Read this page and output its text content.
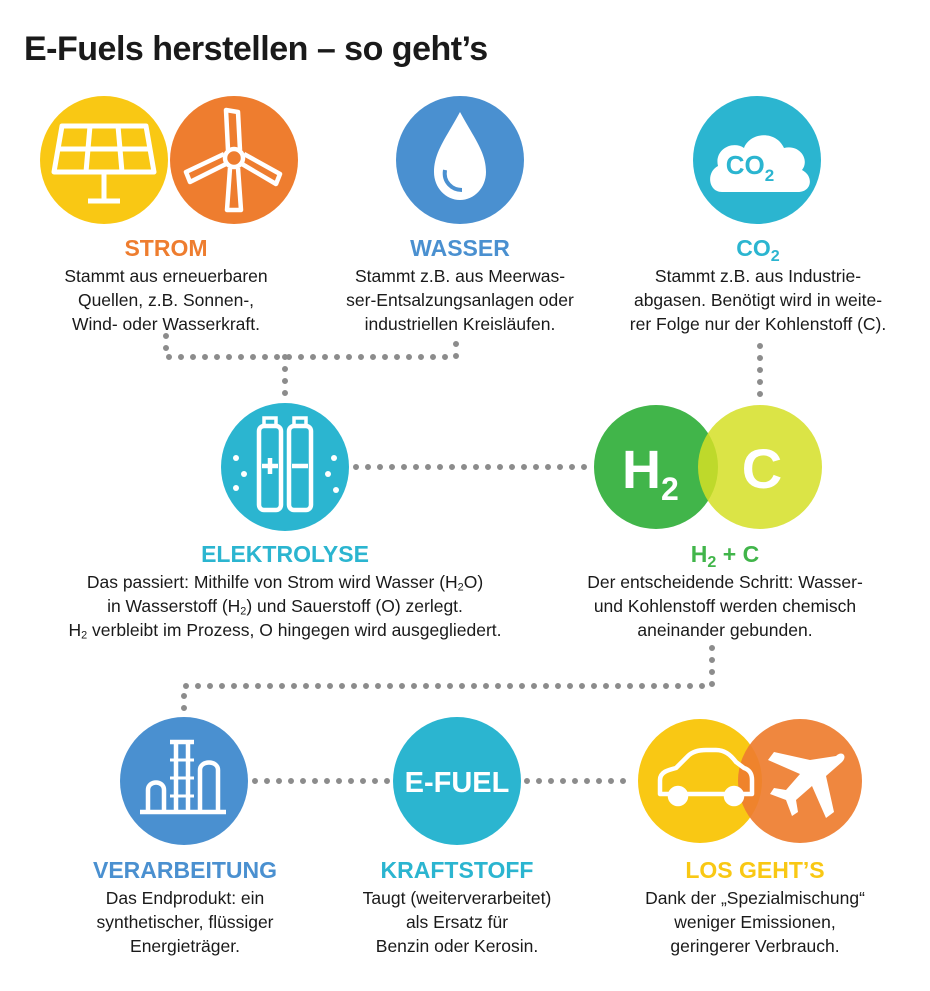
E-Fuels herstellen – so geht’s
$CO_2$
$H_2$ C
E-FUEL
STROM
Stammt aus erneuerbaren
Quellen, z.B. Sonnen-,
Wind- oder Wasserkraft.
WASSER
Stammt z.B. aus Meerwas-
ser-Entsalzungsanlagen oder
industriellen Kreisläufen.
$CO_2$
Stammt z.B. aus Industrie-
abgasen. Benötigt wird in weite-
rer Folge nur der Kohlenstoff (C).
ELEKTROLYSE
Das passiert: Mithilfe von Strom wird Wasser $(H_2O)$
in Wasserstoff $(H_2)$ und Sauerstoff (O) zerlegt.
$H_2$ verbleibt im Prozess, O hingegen wird ausgegliedert.
$H_2 + C$
Der entscheidende Schritt: Wasser-
und Kohlenstoff werden chemisch
aneinander gebunden.
VERARBEITUNG
Das Endprodukt: ein
synthetischer, flüssiger
Energieträger.
KRAFTSTOFF
Taugt (weiterverarbeitet)
als Ersatz für
Benzin oder Kerosin.
LOS GEHT’S
Dank der „Spezialmischung“
weniger Emissionen,
geringerer Verbrauch.
